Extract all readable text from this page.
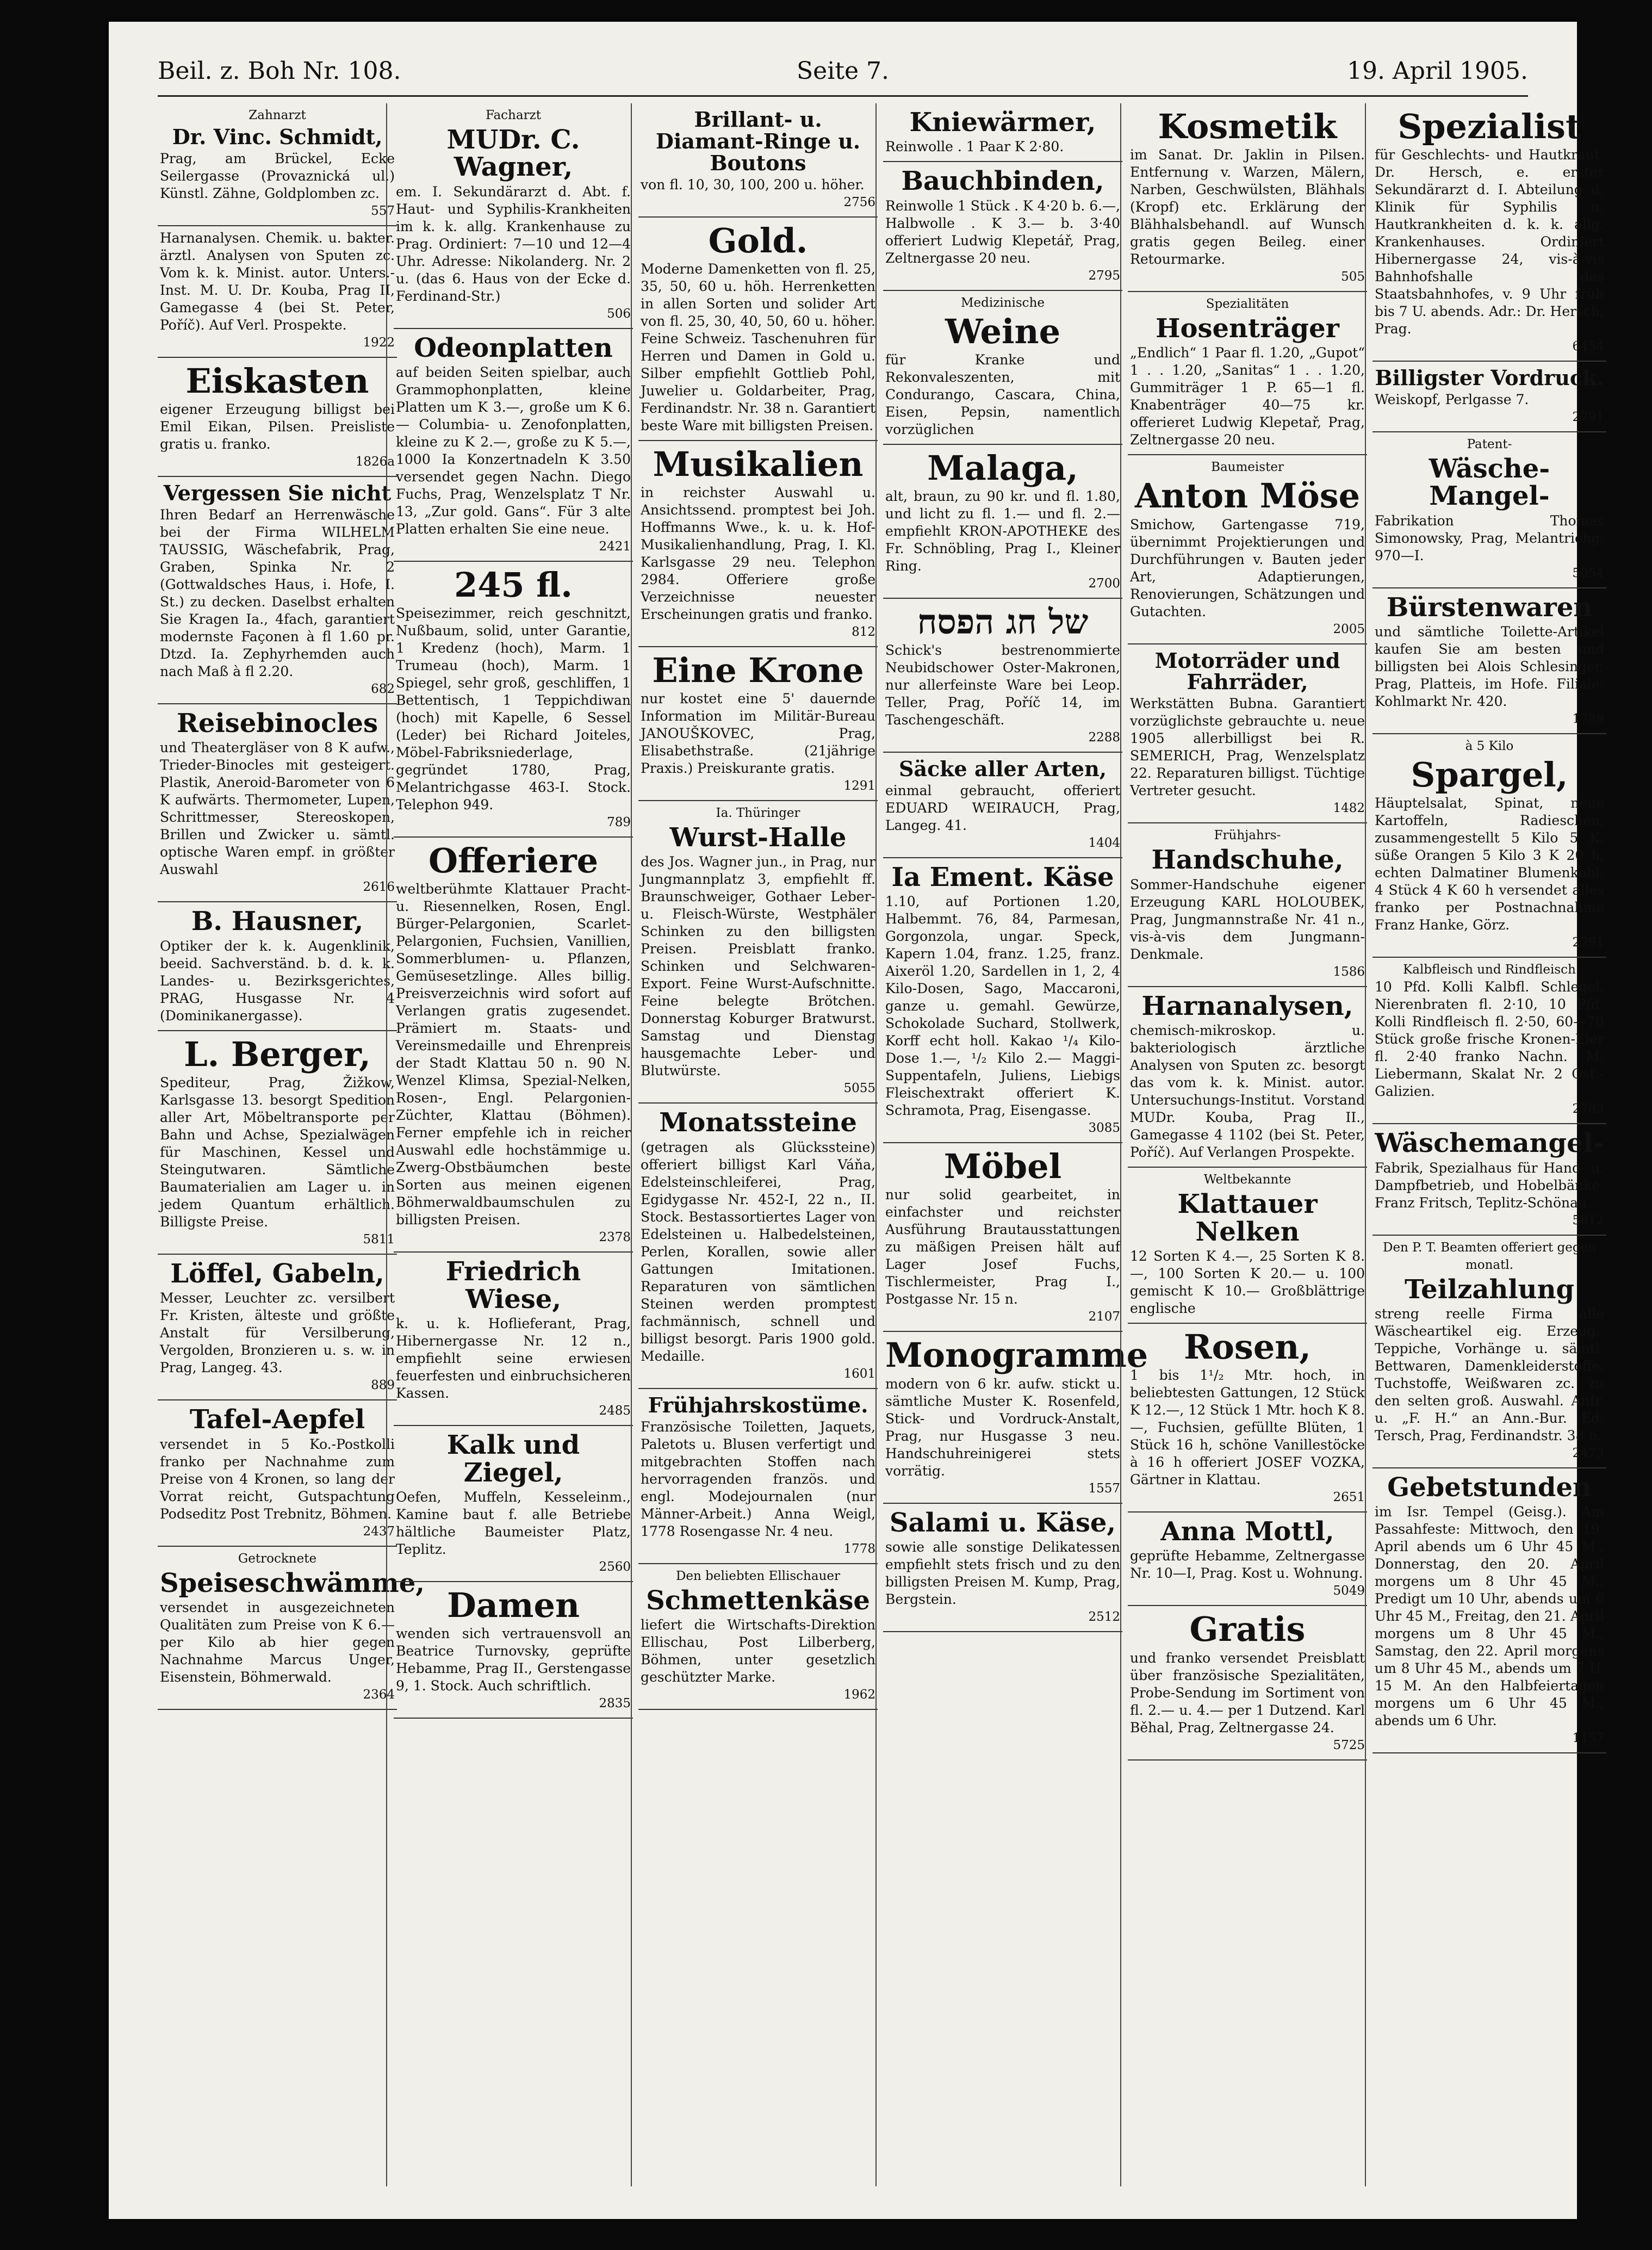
Beil. z. Boh Nr. 108.	Seite 7.	19. April 1905.
Zahnarzt
Dr. Vinc. Schmidt,
Prag, am Brückel, Ecke Seilergasse (Provaznická ul.) Künstl. Zähne, Goldplomben zc.
557
Harnanalysen. Chemik. u. bakter. ärztl. Analysen von Sputen zc. Vom k. k. Minist. autor. Unters.-Inst. M. U. Dr. Kouba, Prag II, Gamegasse 4 (bei St. Peter, Poříč). Auf Verl. Prospekte.
1922
Eiskasten
eigener Erzeugung billigst bei Emil Eikan, Pilsen. Preisliste gratis u. franko.
1826a
Vergessen Sie nicht
Ihren Bedarf an Herrenwäsche bei der Firma WILHELM TAUSSIG, Wäschefabrik, Prag, Graben, Spinka Nr. 2 (Gottwaldsches Haus, i. Hofe, I. St.) zu decken. Daselbst erhalten Sie Kragen Ia., 4fach, garantiert modernste Façonen à fl 1.60 pr. Dtzd. Ia. Zephyrhemden auch nach Maß à fl 2.20.
682
Reisebinocles
und Theatergläser von 8 K aufw., Trieder-Binocles mit gesteigert. Plastik, Aneroid-Barometer von 6 K aufwärts. Thermometer, Lupen, Schrittmesser, Stereoskopen, Brillen und Zwicker u. sämtl. optische Waren empf. in größter Auswahl
2616
B. Hausner,
Optiker der k. k. Augenklinik, beeid. Sachverständ. b. d. k. k. Landes- u. Bezirksgerichtes, PRAG, Husgasse Nr. 4 (Dominikanergasse).
L. Berger,
Spediteur, Prag, Žižkow, Karlsgasse 13. besorgt Spedition aller Art, Möbeltransporte per Bahn und Achse, Spezialwägen für Maschinen, Kessel und Steingutwaren. Sämtliche Baumaterialien am Lager u. in jedem Quantum erhältlich. Billigste Preise.
5811
Löffel, Gabeln,
Messer, Leuchter zc. versilbert Fr. Kristen, älteste und größte Anstalt für Versilberung, Vergolden, Bronzieren u. s. w. in Prag, Langeg. 43.
889
Tafel-Aepfel
versendet in 5 Ko.-Postkolli franko per Nachnahme zum Preise von 4 Kronen, so lang der Vorrat reicht, Gutspachtung Podseditz Post Trebnitz, Böhmen.
2437
Getrocknete
Speiseschwämme,
versendet in ausgezeichneten Qualitäten zum Preise von K 6.— per Kilo ab hier gegen Nachnahme Marcus Unger, Eisenstein, Böhmerwald.
2364
Facharzt
MUDr. C. Wagner,
em. I. Sekundärarzt d. Abt. f. Haut- und Syphilis-Krankheiten im k. k. allg. Krankenhause zu Prag. Ordiniert: 7—10 und 12—4 Uhr. Adresse: Nikolanderg. Nr. 2 u. (das 6. Haus von der Ecke d. Ferdinand-Str.)
506
Odeonplatten
auf beiden Seiten spielbar, auch Grammophonplatten, kleine Platten um K 3.—, große um K 6.— Columbia- u. Zenofonplatten, kleine zu K 2.—, große zu K 5.—, 1000 Ia Konzertnadeln K 3.50 versendet gegen Nachn. Diego Fuchs, Prag, Wenzelsplatz T Nr. 13, „Zur gold. Gans“. Für 3 alte Platten erhalten Sie eine neue.
2421
245 fl.
Speisezimmer, reich geschnitzt, Nußbaum, solid, unter Garantie, 1 Kredenz (hoch), Marm. 1 Trumeau (hoch), Marm. 1 Spiegel, sehr groß, geschliffen, 1 Bettentisch, 1 Teppichdiwan (hoch) mit Kapelle, 6 Sessel (Leder) bei Richard Joiteles, Möbel-Fabriksniederlage, gegründet 1780, Prag, Melantrichgasse 463-I. Stock. Telephon 949.
789
Offeriere
weltberühmte Klattauer Pracht- u. Riesennelken, Rosen, Engl. Bürger-Pelargonien, Scarlet-Pelargonien, Fuchsien, Vanillien, Sommerblumen- u. Pflanzen, Gemüsesetzlinge. Alles billig. Preisverzeichnis wird sofort auf Verlangen gratis zugesendet. Prämiert m. Staats- und Vereinsmedaille und Ehrenpreis der Stadt Klattau 50 n. 90 N. Wenzel Klimsa, Spezial-Nelken, Rosen-, Engl. Pelargonien-Züchter, Klattau (Böhmen). Ferner empfehle ich in reicher Auswahl edle hochstämmige u. Zwerg-Obstbäumchen beste Sorten aus meinen eigenen Böhmerwaldbaumschulen zu billigsten Preisen.
2378
Friedrich Wiese,
k. u. k. Hoflieferant, Prag, Hibernergasse Nr. 12 n., empfiehlt seine erwiesen feuerfesten und einbruchsicheren Kassen.
2485
Kalk und Ziegel,
Oefen, Muffeln, Kesseleinm., Kamine baut f. alle Betriebe hältliche Baumeister Platz, Teplitz.
2560
Damen
wenden sich vertrauensvoll an Beatrice Turnovsky, geprüfte Hebamme, Prag II., Gerstengasse 9, 1. Stock. Auch schriftlich.
2835
Brillant- u. Diamant-Ringe u. Boutons
von fl. 10, 30, 100, 200 u. höher.
2756
Gold.
Moderne Damenketten von fl. 25, 35, 50, 60 u. höh. Herrenketten in allen Sorten und solider Art von fl. 25, 30, 40, 50, 60 u. höher. Feine Schweiz. Taschenuhren für Herren und Damen in Gold u. Silber empfiehlt Gottlieb Pohl, Juwelier u. Goldarbeiter, Prag, Ferdinandstr. Nr. 38 n. Garantiert beste Ware mit billigsten Preisen.
Musikalien
in reichster Auswahl u. Ansichtssend. promptest bei Joh. Hoffmanns Wwe., k. u. k. Hof-Musikalienhandlung, Prag, I. Kl. Karlsgasse 29 neu. Telephon 2984. Offeriere große Verzeichnisse neuester Erscheinungen gratis und franko.
812
Eine Krone
nur kostet eine 5' dauernde Information im Militär-Bureau JANOUŠKOVEC, Prag, Elisabethstraße. (21jährige Praxis.) Preiskurante gratis.
1291
Ia. Thüringer
Wurst-Halle
des Jos. Wagner jun., in Prag, nur Jungmannplatz 3, empfiehlt ff. Braunschweiger, Gothaer Leber- u. Fleisch-Würste, Westphäler Schinken zu den billigsten Preisen. Preisblatt franko. Schinken und Selchwaren-Export. Feine Wurst-Aufschnitte. Feine belegte Brötchen. Donnerstag Koburger Bratwurst. Samstag und Dienstag hausgemachte Leber- und Blutwürste.
5055
Monatssteine
(getragen als Glückssteine) offeriert billigst Karl Váňa, Edelsteinschleiferei, Prag, Egidygasse Nr. 452-I, 22 n., II. Stock. Bestassortiertes Lager von Edelsteinen u. Halbedelsteinen, Perlen, Korallen, sowie aller Gattungen Imitationen. Reparaturen von sämtlichen Steinen werden promptest fachmännisch, schnell und billigst besorgt. Paris 1900 gold. Medaille.
1601
Frühjahrskostüme.
Französische Toiletten, Jaquets, Paletots u. Blusen verfertigt und mitgebrachten Stoffen nach hervorragenden französ. und engl. Modejournalen (nur Männer-Arbeit.) Anna Weigl, 1778 Rosengasse Nr. 4 neu.
1778
Den beliebten Ellischauer
Schmettenkäse
liefert die Wirtschafts-Direktion Ellischau, Post Lilberberg, Böhmen, unter gesetzlich geschützter Marke.
1962
Kniewärmer,
Reinwolle . 1 Paar K 2·80.
Bauchbinden,
Reinwolle 1 Stück . K 4·20 b. 6.—, Halbwolle . K 3.— b. 3·40 offeriert Ludwig Klepetář, Prag, Zeltnergasse 20 neu.
2795
Medizinische
Weine
für Kranke und Rekonvaleszenten, mit Condurango, Cascara, China, Eisen, Pepsin, namentlich vorzüglichen
Malaga,
alt, braun, zu 90 kr. und fl. 1.80, und licht zu fl. 1.— und fl. 2.— empfiehlt KRON-APOTHEKE des Fr. Schnöbling, Prag I., Kleiner Ring.
2700
של חג הפסח
Schick's bestrenommierte Neubidschower Oster-Makronen, nur allerfeinste Ware bei Leop. Teller, Prag, Poříč 14, im Taschengeschäft.
2288
Säcke aller Arten,
einmal gebraucht, offeriert EDUARD WEIRAUCH, Prag, Langeg. 41.
1404
Ia Ement. Käse
1.10, auf Portionen 1.20, Halbemmt. 76, 84, Parmesan, Gorgonzola, ungar. Speck, Kapern 1.04, franz. 1.25, franz. Aixeröl 1.20, Sardellen in 1, 2, 4 Kilo-Dosen, Sago, Maccaroni, ganze u. gemahl. Gewürze, Schokolade Suchard, Stollwerk, Korff echt holl. Kakao ¹/₄ Kilo-Dose 1.—, ¹/₂ Kilo 2.— Maggi-Suppentafeln, Juliens, Liebigs Fleischextrakt offeriert K. Schramota, Prag, Eisengasse.
3085
Möbel
nur solid gearbeitet, in einfachster und reichster Ausführung Brautausstattungen zu mäßigen Preisen hält auf Lager Josef Fuchs, Tischlermeister, Prag I., Postgasse Nr. 15 n.
2107
Monogramme
modern von 6 kr. aufw. stickt u. sämtliche Muster K. Rosenfeld, Stick- und Vordruck-Anstalt, Prag, nur Husgasse 3 neu. Handschuhreinigerei stets vorrätig.
1557
Salami u. Käse,
sowie alle sonstige Delikatessen empfiehlt stets frisch und zu den billigsten Preisen M. Kump, Prag, Bergstein.
2512
Kosmetik
im Sanat. Dr. Jaklin in Pilsen. Entfernung v. Warzen, Mälern, Narben, Geschwülsten, Blähhals (Kropf) etc. Erklärung der Blähhalsbehandl. auf Wunsch gratis gegen Beileg. einer Retourmarke.
505
Spezialitäten
Hosenträger
„Endlich“ 1 Paar fl. 1.20, „Gupot“ 1 . . 1.20, „Sanitas“ 1 . . 1.20, Gummiträger 1 P. 65—1 fl. Knabenträger 40—75 kr. offerieret Ludwig Klepetař, Prag, Zeltnergasse 20 neu.
Baumeister
Anton Möse
Smichow, Gartengasse 719, übernimmt Projektierungen und Durchführungen v. Bauten jeder Art, Adaptierungen, Renovierungen, Schätzungen und Gutachten.
2005
Motorräder und Fahrräder,
Werkstätten Bubna. Garantiert vorzüglichste gebrauchte u. neue 1905 allerbilligst bei R. SEMERICH, Prag, Wenzelsplatz 22. Reparaturen billigst. Tüchtige Vertreter gesucht.
1482
Frühjahrs-
Handschuhe,
Sommer-Handschuhe eigener Erzeugung KARL HOLOUBEK, Prag, Jungmannstraße Nr. 41 n., vis-à-vis dem Jungmann-Denkmale.
1586
Harnanalysen,
chemisch-mikroskop. u. bakteriologisch ärztliche Analysen von Sputen zc. besorgt das vom k. k. Minist. autor. Untersuchungs-Institut. Vorstand MUDr. Kouba, Prag II., Gamegasse 4 1102 (bei St. Peter, Poříč). Auf Verlangen Prospekte.
Weltbekannte
Klattauer Nelken
12 Sorten K 4.—, 25 Sorten K 8.—, 100 Sorten K 20.— u. 100 gemischt K 10.— Großblättrige englische
Rosen,
1 bis 1¹/₂ Mtr. hoch, in beliebtesten Gattungen, 12 Stück K 12.—, 12 Stück 1 Mtr. hoch K 8.—, Fuchsien, gefüllte Blüten, 1 Stück 16 h, schöne Vanillestöcke à 16 h offeriert JOSEF VOZKA, Gärtner in Klattau.
2651
Anna Mottl,
geprüfte Hebamme, Zeltnergasse Nr. 10—I, Prag. Kost u. Wohnung.
5049
Gratis
und franko versendet Preisblatt über französische Spezialitäten, Probe-Sendung im Sortiment von fl. 2.— u. 4.— per 1 Dutzend. Karl Běhal, Prag, Zeltnergasse 24.
5725
Spezialist
für Geschlechts- und Hautkraut. Dr. Hersch, e. erster Sekundärarzt d. I. Abteilung d. Klinik für Syphilis u. Hautkrankheiten d. k. k. allg. Krankenhauses. Ordiniert Hibernergasse 24, vis-à-vis Bahnhofshalle des Staatsbahnhofes, v. 9 Uhr früh bis 7 U. abends. Adr.: Dr. Hersch, Prag.
6454
Billigster Vordruck.
Weiskopf, Perlgasse 7.
2791
Patent-
Wäsche-Mangel-
Fabrikation Thomas Simonowsky, Prag, Melantrichg. 970—I.
5054
Bürstenwaren
und sämtliche Toilette-Artikel kaufen Sie am besten und billigsten bei Alois Schlesinger, Prag, Platteis, im Hofe. Filiale: Kohlmarkt Nr. 420.
1789
à 5 Kilo
Spargel,
Häuptelsalat, Spinat, neue Kartoffeln, Radieschen, zusammengestellt 5 Kilo 5 K, süße Orangen 5 Kilo 3 K 20 h, echten Dalmatiner Blumenkohl, 4 Stück 4 K 60 h versendet alles franko per Postnachnahme Franz Hanke, Görz.
2791
Kalbfleisch und Rindfleisch
10 Pfd. Kolli Kalbfl. Schlegel, Nierenbraten fl. 2·10, 10 Pfd. Kolli Rindfleisch fl. 2·50, 60—70 Stück große frische Kronen-Eier fl. 2·40 franko Nachn. M. Liebermann, Skalat Nr. 2 Ost.-Galizien.
2783
Wäschemangel-
Fabrik, Spezialhaus für Hand- u. Dampfbetrieb, und Hobelbänke. Franz Fritsch, Teplitz-Schönau.
5812
Den P. T. Beamten offeriert gegen monatl.
Teilzahlung
streng reelle Firma alle Wäscheartikel eig. Erzeug., Teppiche, Vorhänge u. sämtl. Bettwaren, Damenkleiderstoffe, Tuchstoffe, Weißwaren zc. zu den selten groß. Auswahl. Anfr. u. „F. H.“ an Ann.-Bur. Ed. Tersch, Prag, Ferdinandstr. 38 n.
2473
Gebetstunden
im Isr. Tempel (Geisg.). Am Passahfeste: Mittwoch, den 19. April abends um 6 Uhr 45 M., Donnerstag, den 20. April morgens um 8 Uhr 45 M., Predigt um 10 Uhr, abends um 6 Uhr 45 M., Freitag, den 21. April morgens um 8 Uhr 45 M., Samstag, den 22. April morgens um 8 Uhr 45 M., abends um 7 U. 15 M. An den Halbfeiertagen morgens um 6 Uhr 45 M., abends um 6 Uhr.
1157
